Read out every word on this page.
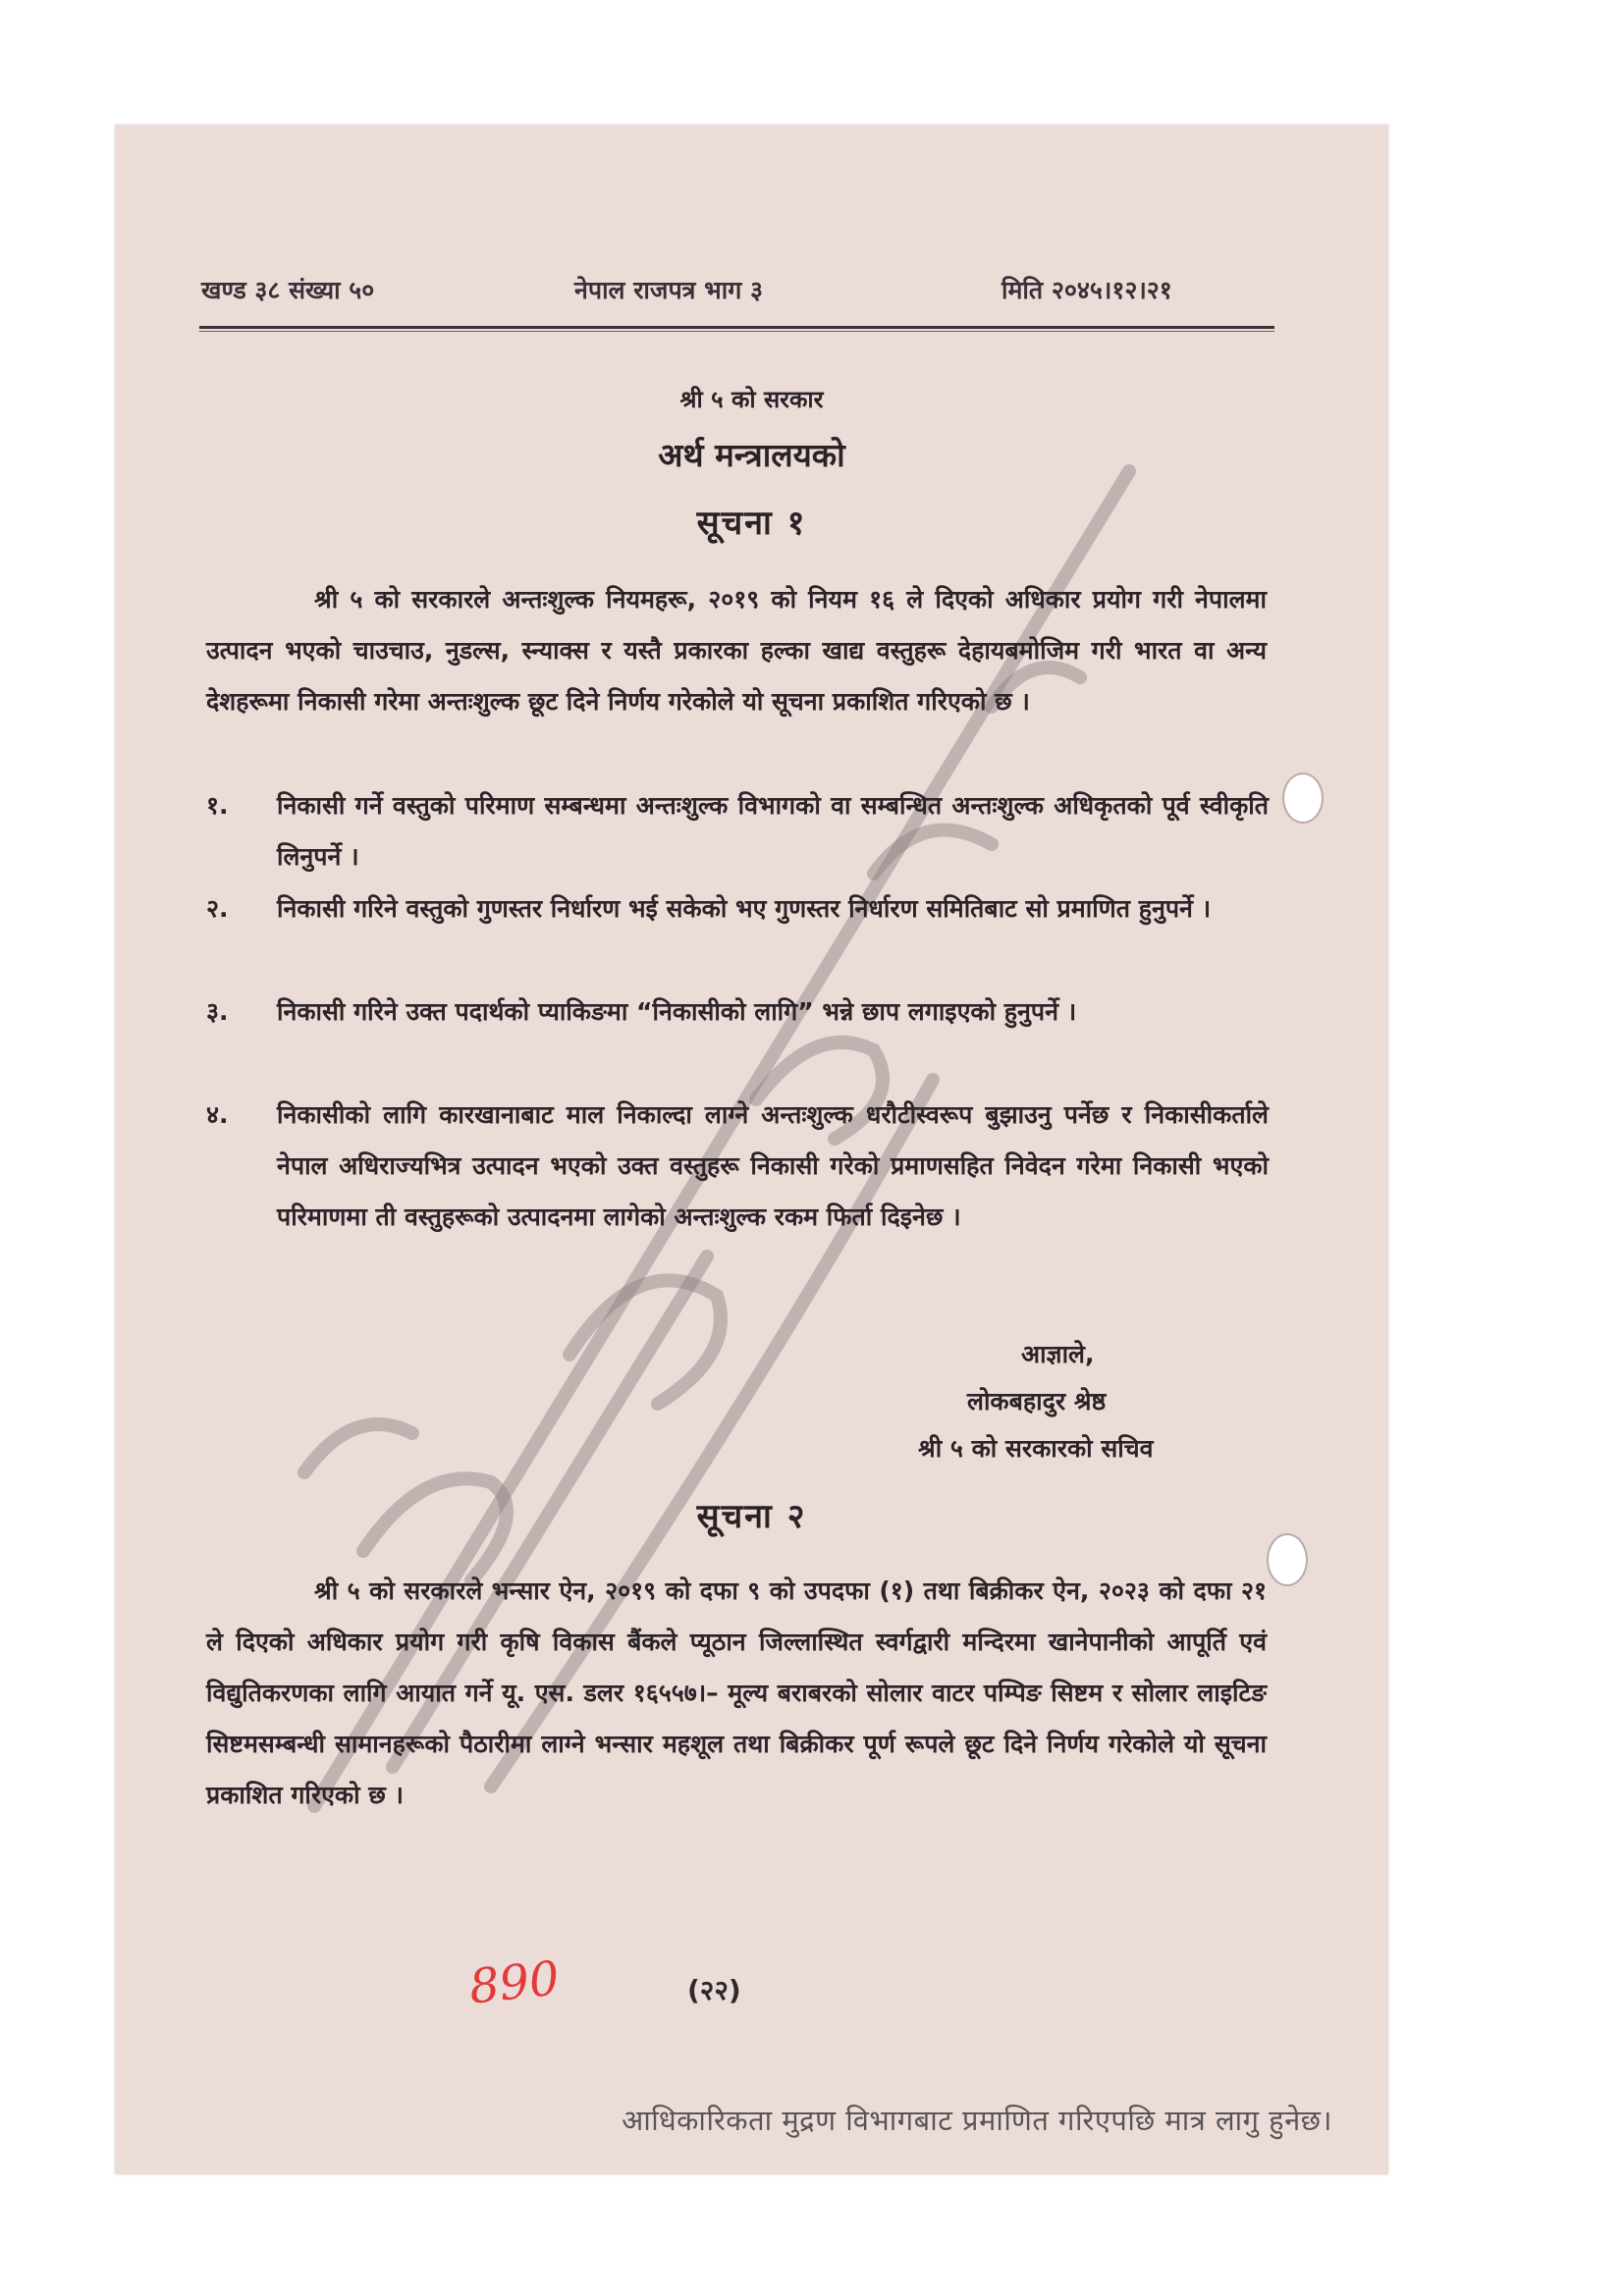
खण्ड ३८ संख्या ५०	नेपाल राजपत्र भाग ३	मिति २०४५।१२।२१
श्री ५ को सरकार
अर्थ मन्त्रालयको
सूचना १
श्री ५ को सरकारले अन्तःशुल्क नियमहरू, २०१९ को नियम १६ ले दिएको अधिकार प्रयोग गरी नेपालमा उत्पादन भएको चाउचाउ, नुडल्स, स्न्याक्स र यस्तै प्रकारका हल्का खाद्य वस्तुहरू देहायबमोजिम गरी भारत वा अन्य देशहरूमा निकासी गरेमा अन्तःशुल्क छूट दिने निर्णय गरेकोले यो सूचना प्रकाशित गरिएको छ ।
१.	निकासी गर्ने वस्तुको परिमाण सम्बन्धमा अन्तःशुल्क विभागको वा सम्बन्धित अन्तःशुल्क अधिकृतको पूर्व स्वीकृति लिनुपर्ने ।
२.	निकासी गरिने वस्तुको गुणस्तर निर्धारण भई सकेको भए गुणस्तर निर्धारण समितिबाट सो प्रमाणित हुनुपर्ने ।
३.	निकासी गरिने उक्त पदार्थको प्याकिङमा “निकासीको लागि” भन्ने छाप लगाइएको हुनुपर्ने ।
४.	निकासीको लागि कारखानाबाट माल निकाल्दा लाग्ने अन्तःशुल्क धरौटीस्वरूप बुझाउनु पर्नेछ र निकासीकर्ताले नेपाल अधिराज्यभित्र उत्पादन भएको उक्त वस्तुहरू निकासी गरेको प्रमाणसहित निवेदन गरेमा निकासी भएको परिमाणमा ती वस्तुहरूको उत्पादनमा लागेको अन्तःशुल्क रकम फिर्ता दिइनेछ ।
आज्ञाले,
लोकबहादुर श्रेष्ठ
श्री ५ को सरकारको सचिव
सूचना २
श्री ५ को सरकारले भन्सार ऐन, २०१९ को दफा ९ को उपदफा (१) तथा बिक्रीकर ऐन, २०२३ को दफा २१ ले दिएको अधिकार प्रयोग गरी कृषि विकास बैंकले प्यूठान जिल्लास्थित स्वर्गद्वारी मन्दिरमा खानेपानीको आपूर्ति एवं विद्युतिकरणका लागि आयात गर्ने यू. एस. डलर १६५५७।– मूल्य बराबरको सोलार वाटर पम्पिङ सिष्टम र सोलार लाइटिङ सिष्टमसम्बन्धी सामानहरूको पैठारीमा लाग्ने भन्सार महशूल तथा बिक्रीकर पूर्ण रूपले छूट दिने निर्णय गरेकोले यो सूचना प्रकाशित गरिएको छ ।
890	(२२)
आधिकारिकता मुद्रण विभागबाट प्रमाणित गरिएपछि मात्र लागु हुनेछ।
